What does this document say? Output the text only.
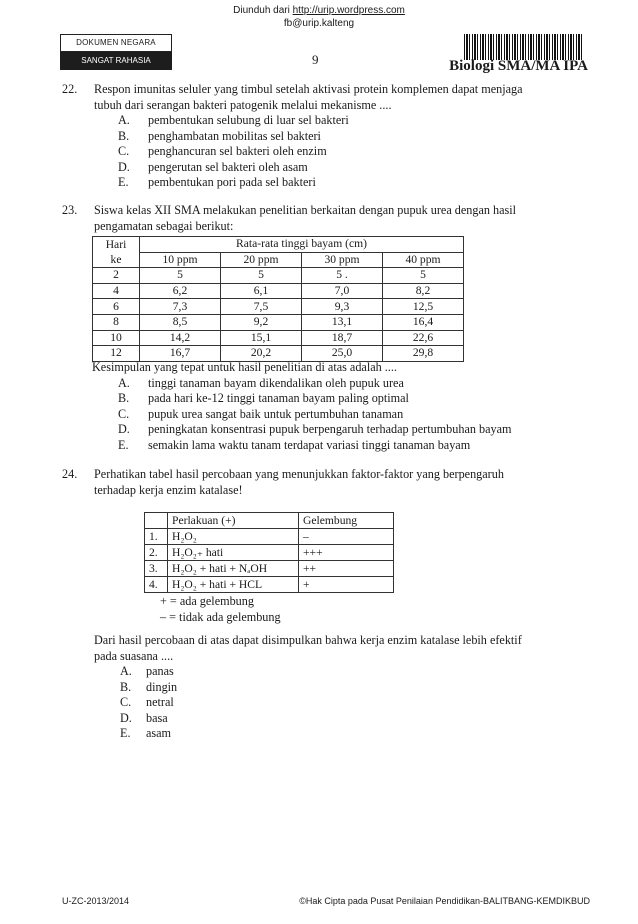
Diunduh dari http://urip.wordpress.com
fb@urip.kalteng
DOKUMEN NEGARA
SANGAT RAHASIA	9	Biologi SMA/MA IPA
22.	Respon imunitas seluler yang timbul setelah aktivasi protein komplemen dapat menjaga
tubuh dari serangan bakteri patogenik melalui mekanisme ....
A.	pembentukan selubung di luar sel bakteri
B.	penghambatan mobilitas sel bakteri
C.	penghancuran sel bakteri oleh enzim
D.	pengerutan sel bakteri oleh asam
E.	pembentukan pori pada sel bakteri
23.	Siswa kelas XII SMA melakukan penelitian berkaitan dengan pupuk urea dengan hasil
pengamatan sebagai berikut:
Hari	Rata-rata tinggi bayam (cm)			
ke	10 ppm	20 ppm	30 ppm	40 ppm
2	5	5	5 .	5
4	6,2	6,1	7,0	8,2
6	7,3	7,5	9,3	12,5
8	8,5	9,2	13,1	16,4
10	14,2	15,1	18,7	22,6
12	16,7	20,2	25,0	29,8
Kesimpulan yang tepat untuk hasil penelitian di atas adalah ....
A.	tinggi tanaman bayam dikendalikan oleh pupuk urea
B.	pada hari ke-12 tinggi tanaman bayam paling optimal
C.	pupuk urea sangat baik untuk pertumbuhan tanaman
D.	peningkatan konsentrasi pupuk berpengaruh terhadap pertumbuhan bayam
E.	semakin lama waktu tanam terdapat variasi tinggi tanaman bayam
24.	Perhatikan tabel hasil percobaan yang menunjukkan faktor-faktor yang berpengaruh
terhadap kerja enzim katalase!
	Perlakuan (+)	Gelembung
1.	H₂O₂	–
2.	H₂O₂₊ hati	+++
3.	H₂O₂ + hati + NₐOH	++
4.	H₂O₂ + hati + HCL	+
+ = ada gelembung
– = tidak ada gelembung
Dari hasil percobaan di atas dapat disimpulkan bahwa kerja enzim katalase lebih efektif
pada suasana ....
A.	panas
B.	dingin
C.	netral
D.	basa
E.	asam
U-ZC-2013/2014	©Hak Cipta pada Pusat Penilaian Pendidikan-BALITBANG-KEMDIKBUD
